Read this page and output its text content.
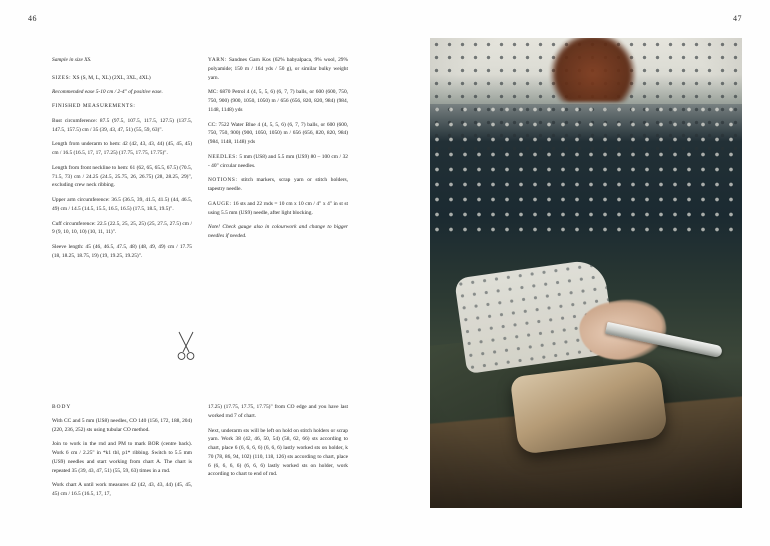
46	47

Sample in size XS.

SIZES: XS (S, M, L, XL) (2XL, 3XL, 4XL)

Recommended ease 5-10 cm / 2-4" of positive ease.

FINISHED MEASUREMENTS:

Bust circumference: 87.5 (97.5, 107.5, 117.5, 127.5) (137.5, 147.5, 157.5) cm / 35 (39, 43, 47, 51) (55, 59, 63)".

Length from underarm to hem: 42 (42, 43, 43, 44) (45, 45, 45) cm / 16.5 (16.5, 17, 17, 17.25) (17.75, 17.75, 17.75)".

Length from front neckline to hem: 61 (62, 65, 65.5, 67.5) (70.5, 71.5, 73) cm / 24.25 (24.5, 25.75, 26, 26.75) (28, 28.25, 29)", excluding crew neck ribbing.

Upper arm circumference: 36.5 (36.5, 39, 41.5, 41.5) (44, 46.5, 49) cm / 14.5 (14.5, 15.5, 16.5, 16.5) (17.5, 18.5, 19.5)".

Cuff circumference: 22.5 (22.5, 25, 25, 25) (25, 27.5, 27.5) cm / 9 (9, 10, 10, 10) (10, 11, 11)".

Sleeve length: 45 (46, 46.5, 47.5, 48) (48, 49, 49) cm / 17.75 (18, 18.25, 18.75, 19) (19, 19.25, 19.25)".

YARN: Sandnes Garn Kos (62% babyalpaca, 9% wool, 29% polyamide; 150 m / 164 yds / 50 g), or similar bulky weight yarn.

MC: 6870 Petrol 4 (4, 5, 5, 6) (6, 7, 7) balls, or 600 (600, 750, 750, 900) (900, 1050, 1050) m / 656 (656, 820, 820, 984) (984, 1148, 1148) yds

CC: 7522 Water Blue 4 (4, 5, 5, 6) (6, 7, 7) balls, or 600 (600, 750, 750, 900) (900, 1050, 1050) m / 656 (656, 820, 820, 984) (984, 1148, 1148) yds

NEEDLES: 5 mm (US8) and 5.5 mm (US9) 80 – 100 cm / 32 - 40" circular needles.

NOTIONS: stitch markers, scrap yarn or stitch holders, tapestry needle.

GAUGE: 16 sts and 22 rnds = 10 cm x 10 cm / 4" x 4" in st st using 5.5 mm (US9) needle, after light blocking.

Note! Check gauge also in colourwork and change to bigger needles if needed.

BODY

With CC and 5 mm (US8) needles, CO 140 (156, 172, 188, 204) (220, 236, 252) sts using tubular CO method.

Join to work in the rnd and PM to mark BOR (centre back). Work 6 cm / 2.25" in *k1 tbl, p1* ribbing. Switch to 5.5 mm (US9) needles and start working from chart A. The chart is repeated 35 (39, 43, 47, 51) (55, 59, 63) times in a rnd.

Work chart A until work measures 42 (42, 43, 43, 44) (45, 45, 45) cm / 16.5 (16.5, 17, 17,

17.25) (17.75, 17.75, 17.75)" from CO edge and you have last worked rnd 7 of chart.

Next, underarm sts will be left on hold on stitch holders or scrap yarn. Work 38 (42, 46, 50, 54) (58, 62, 66) sts according to chart, place 6 (6, 6, 6, 6) (6, 6, 6) lastly worked sts on holder, k 70 (78, 86, 94, 102) (110, 118, 126) sts according to chart, place 6 (6, 6, 6, 6) (6, 6, 6) lastly worked sts on holder, work according to chart to end of rnd.
